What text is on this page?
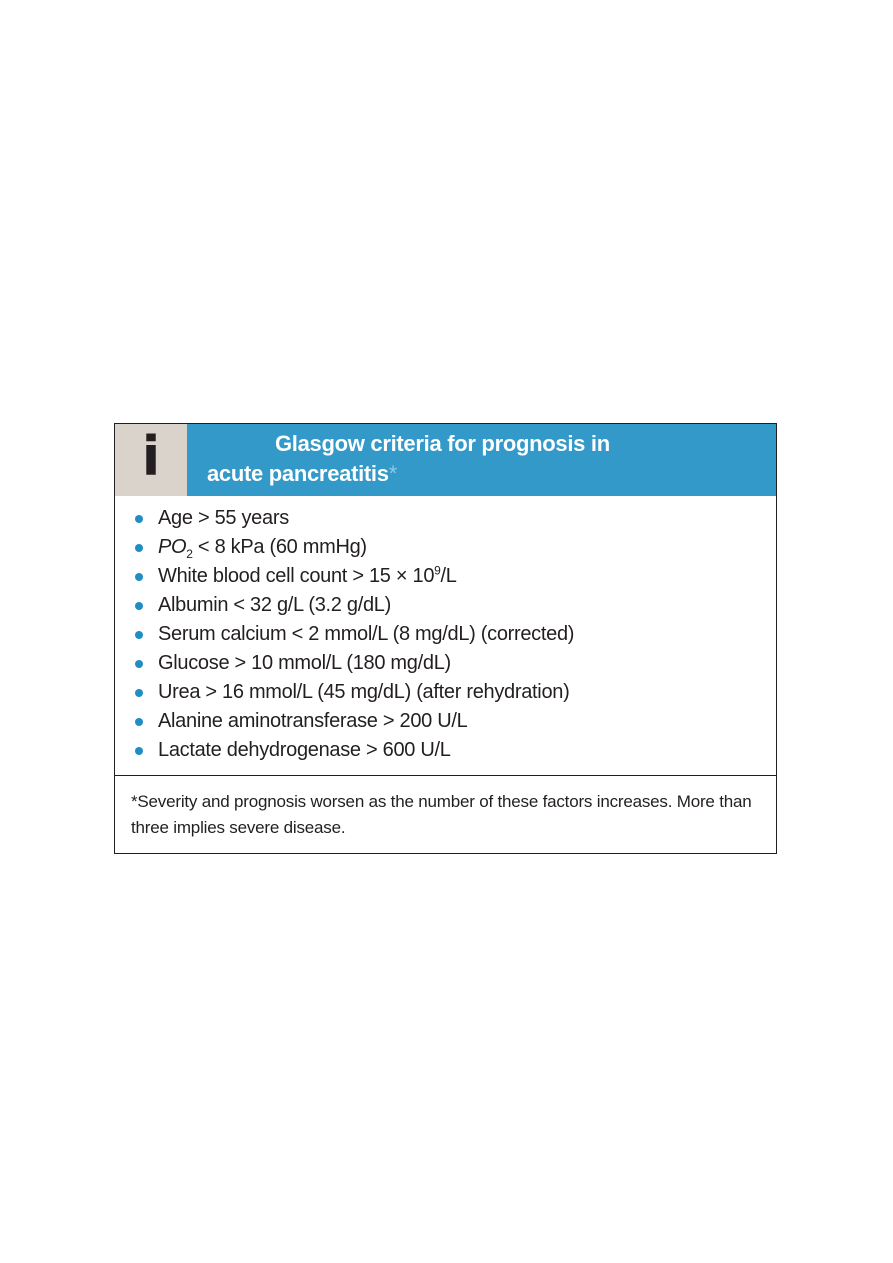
i	Glasgow criteria for prognosis in
acute pancreatitis*
Age > 55 years
$PO_2 < 8$ kPa (60 mmHg)
White blood cell count > $15 \times 10^9/L$
Albumin < 32 g/L (3.2 g/dL)
Serum calcium < 2 mmol/L (8 mg/dL) (corrected)
Glucose > 10 mmol/L (180 mg/dL)
Urea > 16 mmol/L (45 mg/dL) (after rehydration)
Alanine aminotransferase > 200 U/L
Lactate dehydrogenase > 600 U/L
*Severity and prognosis worsen as the number of these factors increases. More than three implies severe disease.
